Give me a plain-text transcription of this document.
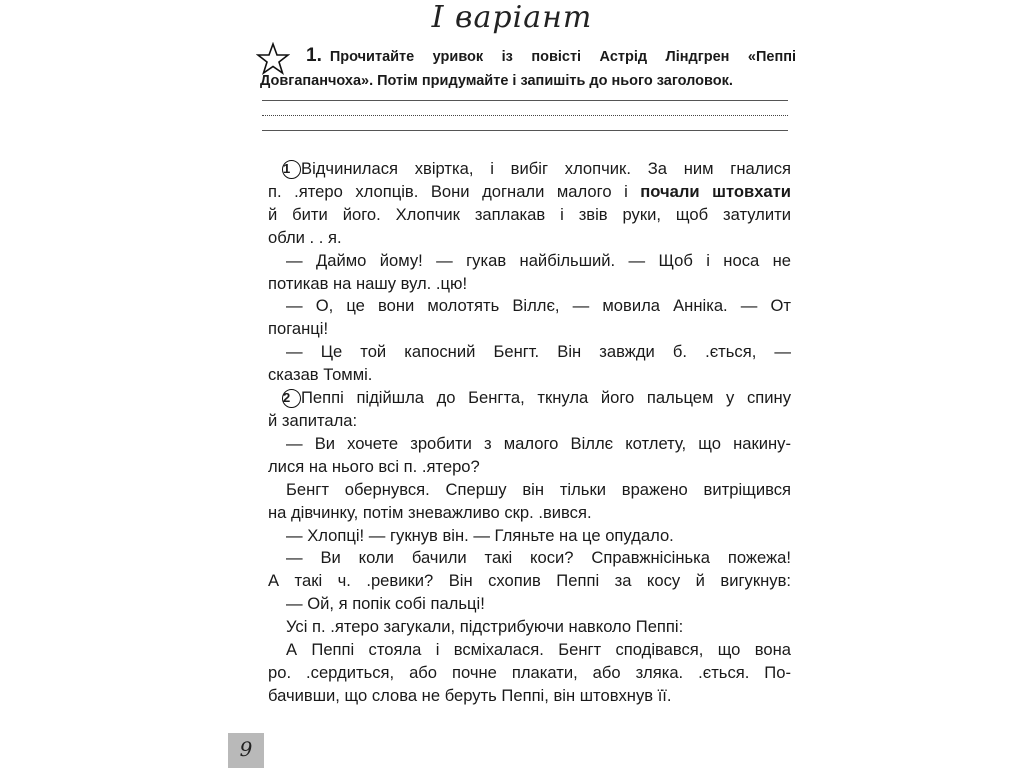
І варіант
1. Прочитайте уривок із повісті Астрід Ліндгрен «Пеппі
Довгапанчоха». Потім придумайте і запишіть до нього заголовок.
1 Відчинилася хвіртка, і вибіг хлопчик. За ним гналися
п. .ятеро хлопців. Вони догнали малого і почали штовхати
й бити його. Хлопчик заплакав і звів руки, щоб затулити
обли . . я.
— Даймо йому! — гукав найбільший. — Щоб і носа не
потикав на нашу вул. .цю!
— О, це вони молотять Віллє, — мовила Анніка. — От
поганці!
— Це той капосний Бенгт. Він завжди б. .ється, —
сказав Томмі.
2 Пеппі підійшла до Бенгта, ткнула його пальцем у спину
й запитала:
— Ви хочете зробити з малого Віллє котлету, що накину-
лися на нього всі п. .ятеро?
Бенгт обернувся. Спершу він тільки вражено витріщився
на дівчинку, потім зневажливо скр. .вився.
— Хлопці! — гукнув він. — Гляньте на це опудало.
— Ви коли бачили такі коси? Справжнісінька пожежа!
А такі ч. .ревики? Він схопив Пеппі за косу й вигукнув:
— Ой, я попік собі пальці!
Усі п. .ятеро загукали, підстрибуючи навколо Пеппі:
А Пеппі стояла і всміхалася. Бенгт сподівався, що вона
ро. .сердиться, або почне плакати, або зляка. .ється. По-
бачивши, що слова не беруть Пеппі, він штовхнув її.
9
